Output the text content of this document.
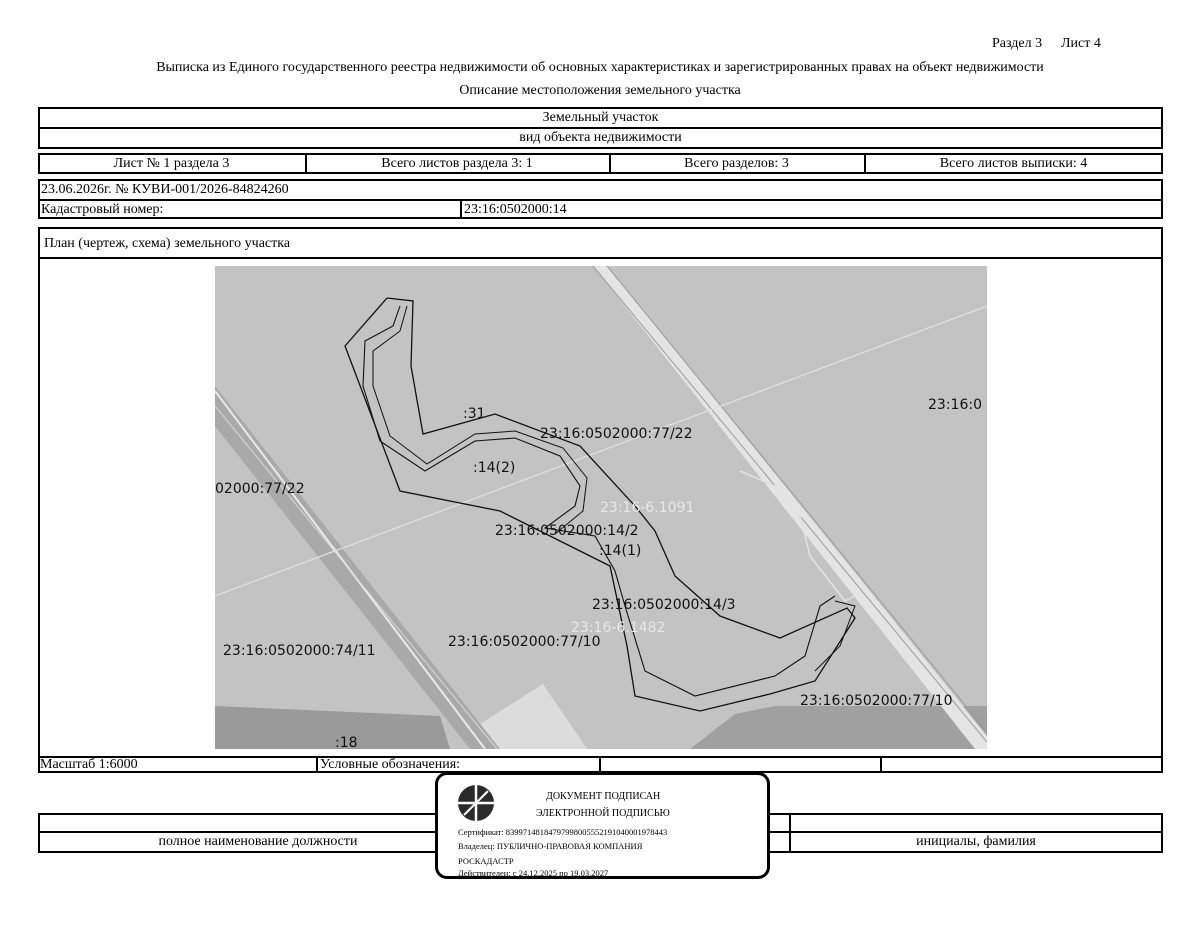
Раздел 3 Лист 4
Выписка из Единого государственного реестра недвижимости об основных характеристиках и зарегистрированных правах на объект недвижимости
Описание местоположения земельного участка
Земельный участок
вид объекта недвижимости
Лист № 1 раздела 3	Всего листов раздела 3: 1	Всего разделов: 3	Всего листов выписки: 4
23.06.2026г. № КУВИ-001/2026-84824260
Кадастровый номер:	23:16:0502000:14
План (чертеж, схема) земельного участка
:31
23:16:0502000:77/22
23:16:0
:14(2)
02000:77/22
23:16-6.1091
23:16:0502000:14/2
:14(1)
23:16:0502000:14/3
23:16-6.1482
23:16:0502000:74/11
23:16:0502000:77/10
23:16:0502000:77/10
:18
Масштаб 1:6000	Условные обозначения:
полное наименование должности	инициалы, фамилия
ДОКУМЕНТ ПОДПИСАН
ЭЛЕКТРОННОЙ ПОДПИСЬЮ
Сертификат: 83997148184797998005552191040001978443
Владелец: ПУБЛИЧНО-ПРАВОВАЯ КОМПАНИЯ
РОСКАДАСТР
Действителен: с 24.12.2025 по 19.03.2027
